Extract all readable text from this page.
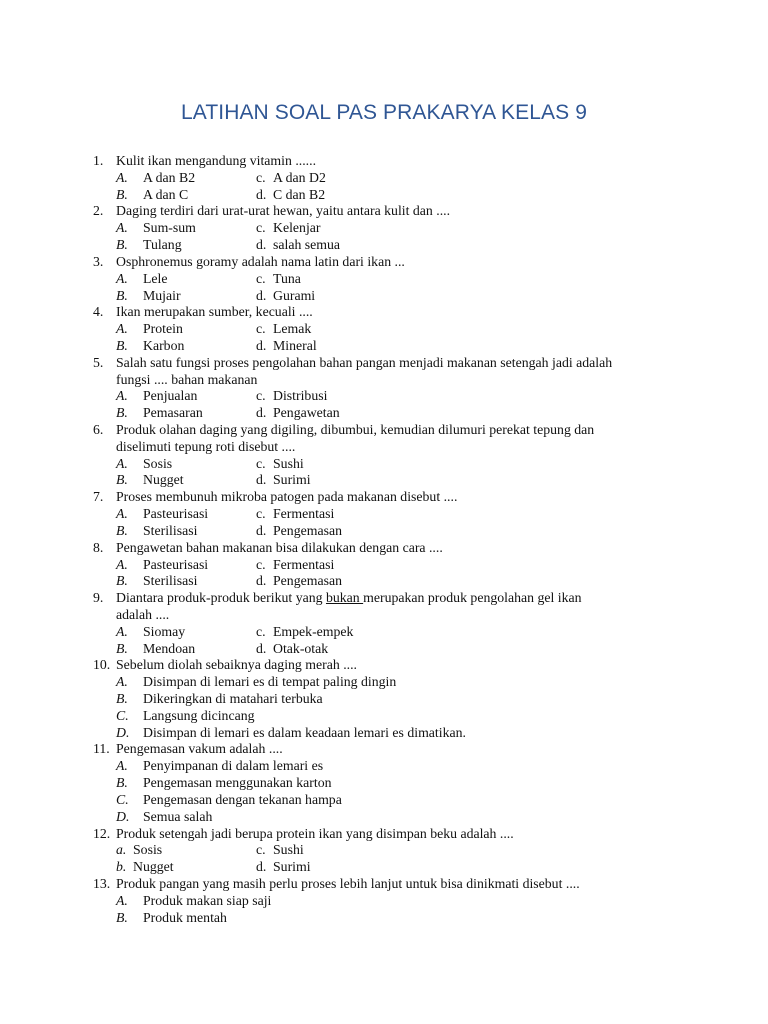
LATIHAN SOAL PAS PRAKARYA KELAS 9
1. Kulit ikan mengandung vitamin ......
A.	A dan B2	c. A dan D2
B.	A dan C	d. C dan B2
2. Daging terdiri dari urat-urat hewan, yaitu antara kulit dan ....
A.	Sum-sum	c. Kelenjar
B.	Tulang	d. salah semua
3. Osphronemus goramy adalah nama latin dari ikan ...
A.	Lele	c. Tuna
B.	Mujair	d. Gurami
4. Ikan merupakan sumber, kecuali ....
A.	Protein	c. Lemak
B.	Karbon	d. Mineral
5. Salah satu fungsi proses pengolahan bahan pangan menjadi makanan setengah jadi adalah
fungsi .... bahan makanan
A.	Penjualan	c. Distribusi
B.	Pemasaran	d. Pengawetan
6. Produk olahan daging yang digiling, dibumbui, kemudian dilumuri perekat tepung dan
diselimuti tepung roti disebut ....
A.	Sosis	c. Sushi
B.	Nugget	d. Surimi
7. Proses membunuh mikroba patogen pada makanan disebut ....
A.	Pasteurisasi	c. Fermentasi
B.	Sterilisasi	d. Pengemasan
8. Pengawetan bahan makanan bisa dilakukan dengan cara ....
A.	Pasteurisasi	c. Fermentasi
B.	Sterilisasi	d. Pengemasan
9. Diantara produk-produk berikut yang bukan merupakan produk pengolahan gel ikan
adalah ....
A.	Siomay	c. Empek-empek
B.	Mendoan	d. Otak-otak
10. Sebelum diolah sebaiknya daging merah ....
A.	Disimpan di lemari es di tempat paling dingin
B.	Dikeringkan di matahari terbuka
C.	Langsung dicincang
D. Disimpan di lemari es dalam keadaan lemari es dimatikan.
11. Pengemasan vakum adalah ....
A.	Penyimpanan di dalam lemari es
B.	Pengemasan menggunakan karton
C.	Pengemasan dengan tekanan hampa
D. Semua salah
12. Produk setengah jadi berupa protein ikan yang disimpan beku adalah ....
a. Sosis	c. Sushi
b. Nugget	d. Surimi
13. Produk pangan yang masih perlu proses lebih lanjut untuk bisa dinikmati disebut ....
A.	Produk makan siap saji
B.	Produk mentah
